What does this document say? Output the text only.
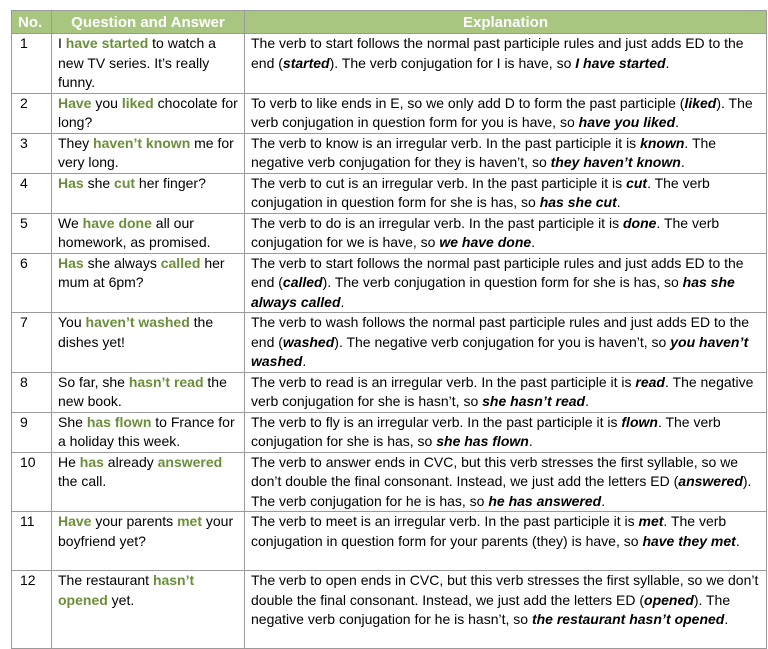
No.	Question and Answer	Explanation
1	I have started to watch a new TV series. It’s really funny.	The verb to start follows the normal past participle rules and just adds ED to the end (started). The verb conjugation for I is have, so I have started.
2	Have you liked chocolate for long?	To verb to like ends in E, so we only add D to form the past participle (liked). The verb conjugation in question form for you is have, so have you liked.
3	They haven’t known me for very long.	The verb to know is an irregular verb. In the past participle it is known. The negative verb conjugation for they is haven’t, so they haven’t known.
4	Has she cut her finger?	The verb to cut is an irregular verb. In the past participle it is cut. The verb conjugation in question form for she is has, so has she cut.
5	We have done all our homework, as promised.	The verb to do is an irregular verb. In the past participle it is done. The verb conjugation for we is have, so we have done.
6	Has she always called her mum at 6pm?	The verb to start follows the normal past participle rules and just adds ED to the end (called). The verb conjugation in question form for she is has, so has she always called.
7	You haven’t washed the dishes yet!	The verb to wash follows the normal past participle rules and just adds ED to the end (washed). The negative verb conjugation for you is haven’t, so you haven’t washed.
8	So far, she hasn’t read the new book.	The verb to read is an irregular verb. In the past participle it is read. The negative verb conjugation for she is hasn’t, so she hasn’t read.
9	She has flown to France for a holiday this week.	The verb to fly is an irregular verb. In the past participle it is flown. The verb conjugation for she is has, so she has flown.
10	He has already answered the call.	The verb to answer ends in CVC, but this verb stresses the first syllable, so we don’t double the final consonant. Instead, we just add the letters ED (answered). The verb conjugation for he is has, so he has answered.
11	Have your parents met your boyfriend yet?	The verb to meet is an irregular verb. In the past participle it is met. The verb conjugation in question form for your parents (they) is have, so have they met.
12	The restaurant hasn’t opened yet.	The verb to open ends in CVC, but this verb stresses the first syllable, so we don’t double the final consonant. Instead, we just add the letters ED (opened). The negative verb conjugation for he is hasn’t, so the restaurant hasn’t opened.
